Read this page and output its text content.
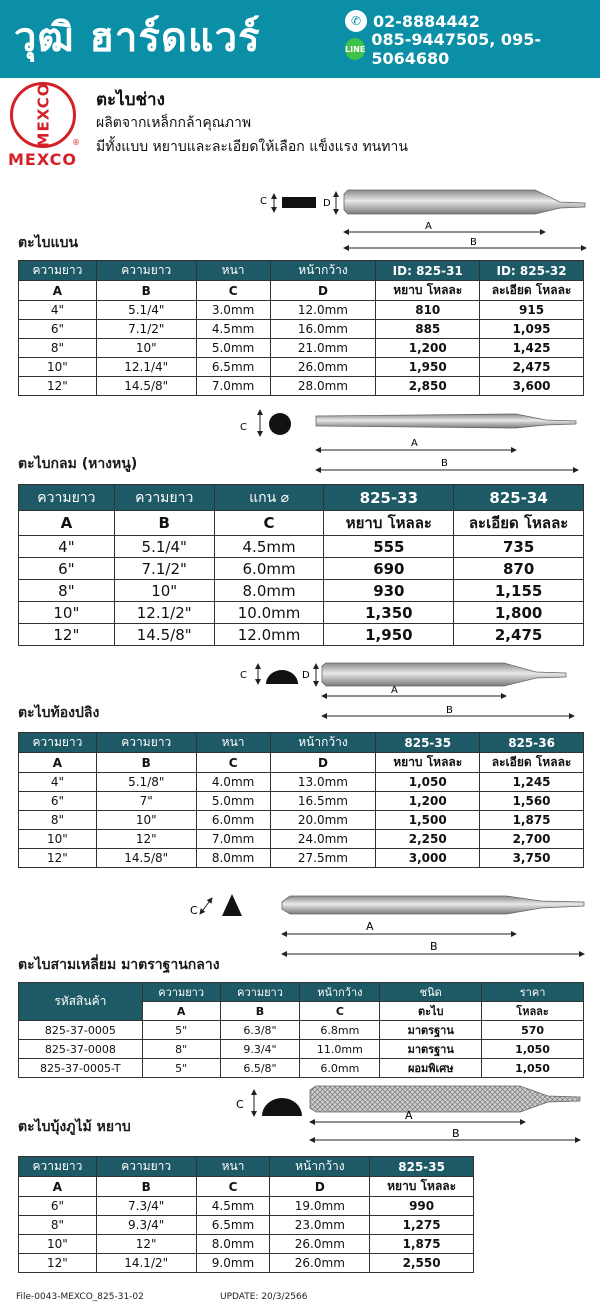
วุฒิ ฮาร์ดแวร์	✆ 02-8884442
LINE 085-9447505, 095-5064680
MEXCO
MEXCO
®
ตะไบช่าง
ผลิตจากเหล็กกล้าคุณภาพ
มีทั้งแบบ หยาบและละเอียดให้เลือก แข็งแรง ทนทาน
C	D
A
B
ตะไบแบน
ความยาว	ความยาว	หนา	หน้ากว้าง	ID: 825-31	ID: 825-32
A	B	C	D	หยาบ โหลละ	ละเอียด โหลละ
4"	5.1/4"	3.0mm	12.0mm	810	915
6"	7.1/2"	4.5mm	16.0mm	885	1,095
8"	10"	5.0mm	21.0mm	1,200	1,425
10"	12.1/4"	6.5mm	26.0mm	1,950	2,475
12"	14.5/8"	7.0mm	28.0mm	2,850	3,600
C
A
B
ตะไบกลม (หางหนู)
ความยาว	ความยาว	แกน ⌀	825-33	825-34
A	B	C	หยาบ โหลละ	ละเอียด โหลละ
4"	5.1/4"	4.5mm	555	735
6"	7.1/2"	6.0mm	690	870
8"	10"	8.0mm	930	1,155
10"	12.1/2"	10.0mm	1,350	1,800
12"	14.5/8"	12.0mm	1,950	2,475
C	D
A
B
ตะไบท้องปลิง
ความยาว	ความยาว	หนา	หน้ากว้าง	825-35	825-36
A	B	C	D	หยาบ โหลละ	ละเอียด โหลละ
4"	5.1/8"	4.0mm	13.0mm	1,050	1,245
6"	7"	5.0mm	16.5mm	1,200	1,560
8"	10"	6.0mm	20.0mm	1,500	1,875
10"	12"	7.0mm	24.0mm	2,250	2,700
12"	14.5/8"	8.0mm	27.5mm	3,000	3,750
C
A
B
ตะไบสามเหลี่ยม มาตราฐานกลาง
รหัสสินค้า	ความยาว	ความยาว	หน้ากว้าง	ชนิด	ราคา
	A	B	C	ตะไบ	โหลละ
825-37-0005	5"	6.3/8"	6.8mm	มาตรฐาน	570
825-37-0008	8"	9.3/4"	11.0mm	มาตรฐาน	1,050
825-37-0005-T	5"	6.5/8"	6.0mm	ผอมพิเศษ	1,050
C
A
B
ตะไบบุ้งภูไม้ หยาบ
ความยาว	ความยาว	หนา	หน้ากว้าง	825-35
A	B	C	D	หยาบ โหลละ
6"	7.3/4"	4.5mm	19.0mm	990
8"	9.3/4"	6.5mm	23.0mm	1,275
10"	12"	8.0mm	26.0mm	1,875
12"	14.1/2"	9.0mm	26.0mm	2,550
File-0043-MEXCO_825-31-02	UPDATE: 20/3/2566
